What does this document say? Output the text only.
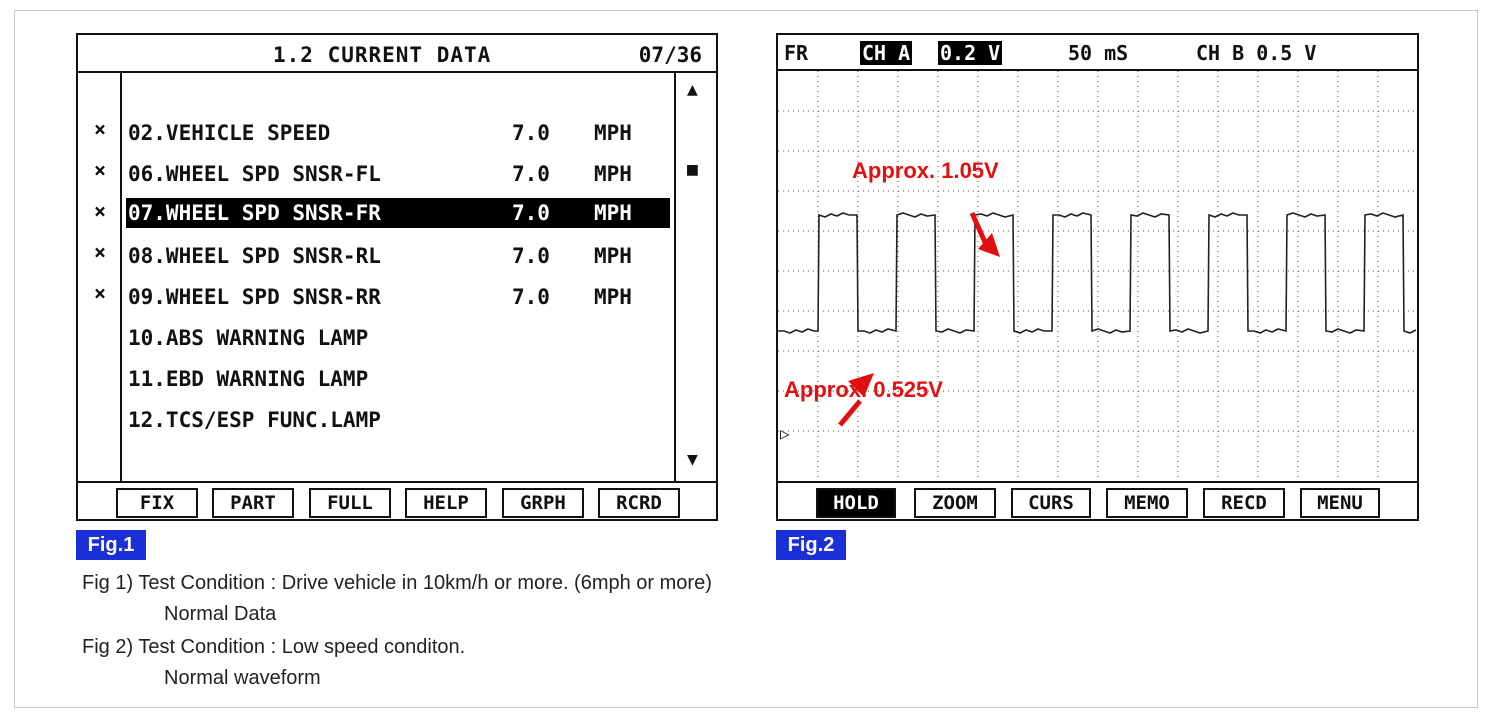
1.2 CURRENT DATA	07/36
×
×
×
×
×
02.VEHICLE SPEED	7.0 MPH
06.WHEEL SPD SNSR-FL	7.0 MPH
07.WHEEL SPD SNSR-FR	7.0 MPH
08.WHEEL SPD SNSR-RL	7.0 MPH
09.WHEEL SPD SNSR-RR	7.0 MPH
10.ABS WARNING LAMP
11.EBD WARNING LAMP
12.TCS/ESP FUNC.LAMP
▲
■
▼
FIX	PART	FULL	HELP	GRPH	RCRD
Fig.1
FR	CH A 0.2 V	50 mS	CH B 0.5 V
Approx. 1.05V
Approx. 0.525V
▷
HOLD	ZOOM	CURS	MEMO	RECD	MENU
Fig.2
Fig 1) Test Condition : Drive vehicle in 10km/h or more. (6mph or more)
Normal Data
Fig 2) Test Condition : Low speed conditon.
Normal waveform
